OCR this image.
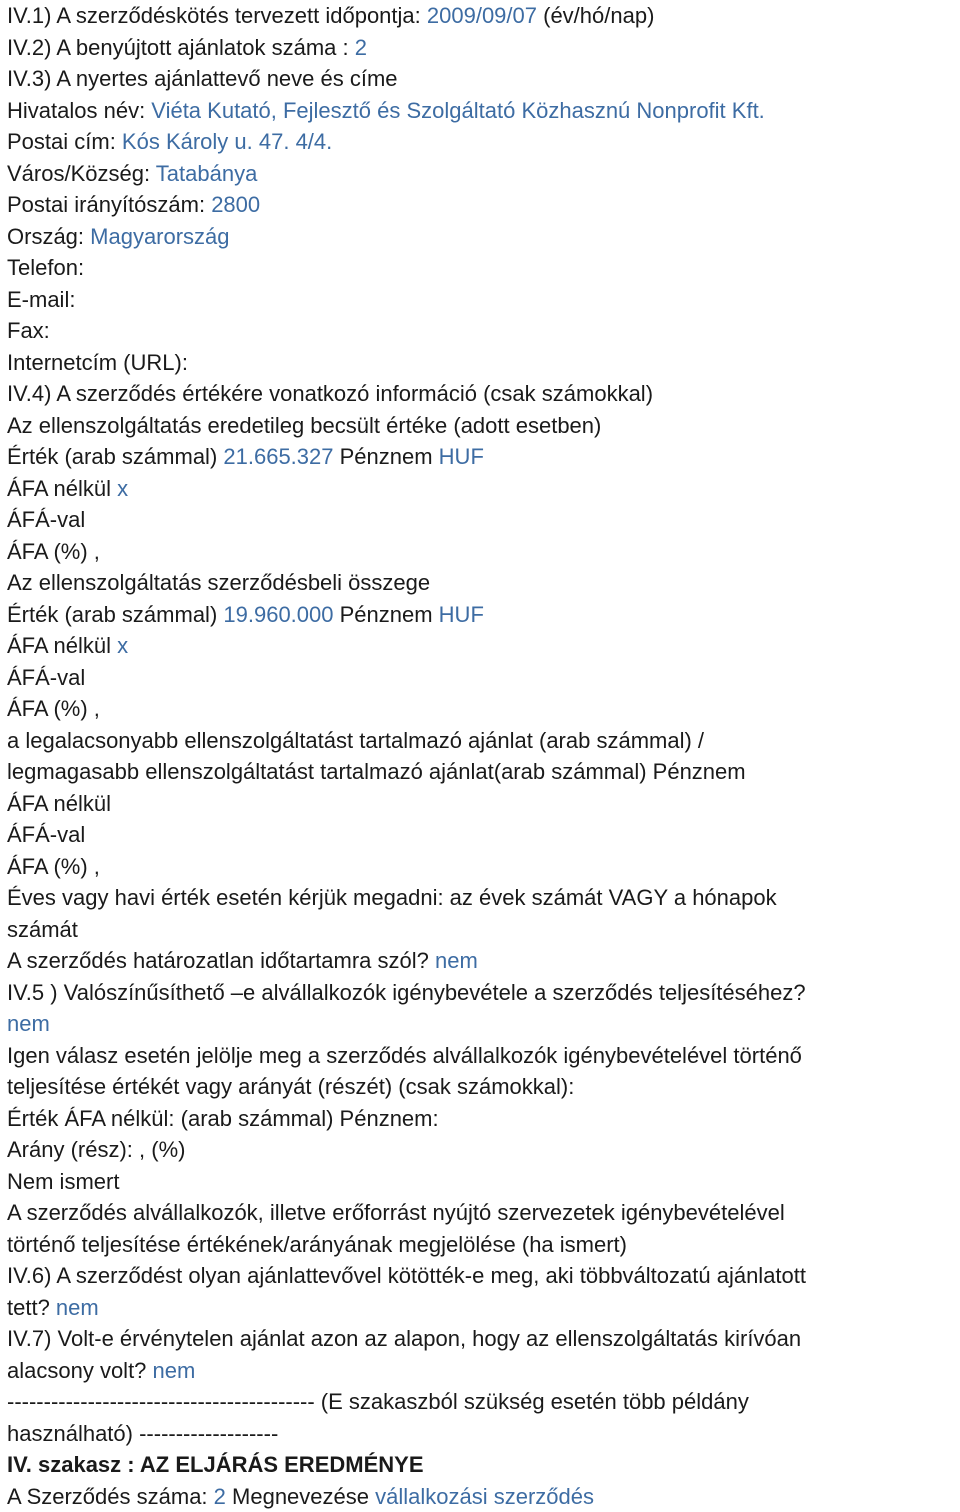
IV.1) A szerződéskötés tervezett időpontja: 2009/09/07 (év/hó/nap)
IV.2) A benyújtott ajánlatok száma : 2
IV.3) A nyertes ajánlattevő neve és címe
Hivatalos név: Viéta Kutató, Fejlesztő és Szolgáltató Közhasznú Nonprofit Kft.
Postai cím: Kós Károly u. 47. 4/4.
Város/Község: Tatabánya
Postai irányítószám: 2800
Ország: Magyarország
Telefon:
E-mail:
Fax:
Internetcím (URL):
IV.4) A szerződés értékére vonatkozó információ (csak számokkal)
Az ellenszolgáltatás eredetileg becsült értéke (adott esetben)
Érték (arab számmal) 21.665.327 Pénznem HUF
ÁFA nélkül x
ÁFÁ-val
ÁFA (%) ,
Az ellenszolgáltatás szerződésbeli összege
Érték (arab számmal) 19.960.000 Pénznem HUF
ÁFA nélkül x
ÁFÁ-val
ÁFA (%) ,
a legalacsonyabb ellenszolgáltatást tartalmazó ajánlat (arab számmal) /
legmagasabb ellenszolgáltatást tartalmazó ajánlat(arab számmal) Pénznem
ÁFA nélkül
ÁFÁ-val
ÁFA (%) ,
Éves vagy havi érték esetén kérjük megadni: az évek számát VAGY a hónapok
számát
A szerződés határozatlan időtartamra szól? nem
IV.5 ) Valószínűsíthető –e alvállalkozók igénybevétele a szerződés teljesítéséhez?
nem
Igen válasz esetén jelölje meg a szerződés alvállalkozók igénybevételével történő
teljesítése értékét vagy arányát (részét) (csak számokkal):
Érték ÁFA nélkül: (arab számmal) Pénznem:
Arány (rész): , (%)
Nem ismert
A szerződés alvállalkozók, illetve erőforrást nyújtó szervezetek igénybevételével
történő teljesítése értékének/arányának megjelölése (ha ismert)
IV.6) A szerződést olyan ajánlattevővel kötötték-e meg, aki többváltozatú ajánlatott
tett? nem
IV.7) Volt-e érvénytelen ajánlat azon az alapon, hogy az ellenszolgáltatás kirívóan
alacsony volt? nem
------------------------------------------ (E szakaszból szükség esetén több példány
használható) -------------------
IV. szakasz : AZ ELJÁRÁS EREDMÉNYE
A Szerződés száma: 2 Megnevezése vállalkozási szerződés
